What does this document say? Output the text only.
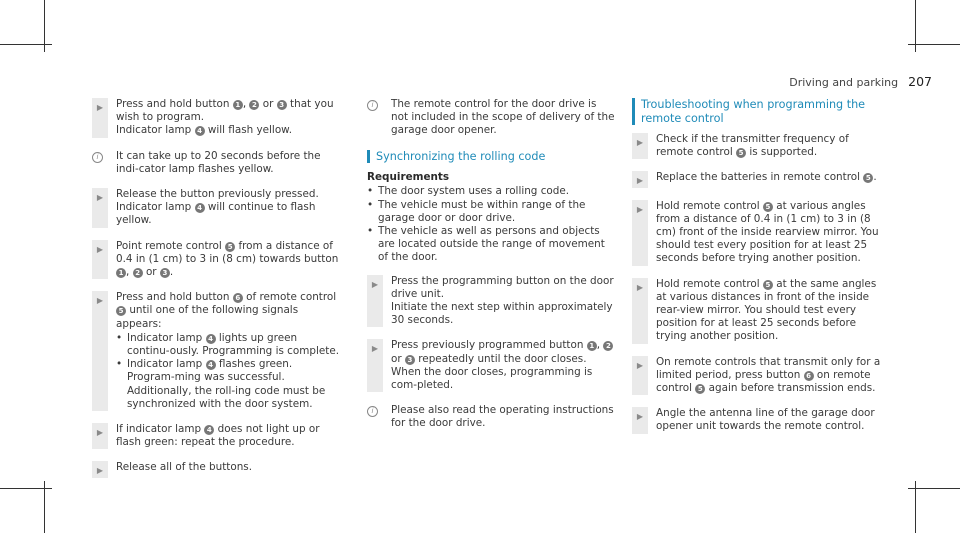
Driving and parking 207
▶	Press and hold button 1 , 2 or 3 that you wish to program.
Indicator lamp 4 will flash yellow.
i	It can take up to 20 seconds before the indi-cator lamp flashes yellow.
▶	Release the button previously pressed.
Indicator lamp 4 will continue to flash yellow.
▶	Point remote control 5 from a distance of 0.4 in (1 cm) to 3 in (8 cm) towards button 1 , 2 or 3 .
▶	Press and hold button 6 of remote control 5 until one of the following signals appears:
• Indicator lamp 4 lights up green continu-ously. Programming is complete.
• Indicator lamp 4 flashes green. Program-ming was successful. Additionally, the roll-ing code must be synchronized with the door system.
▶	If indicator lamp 4 does not light up or flash green: repeat the procedure.
▶	Release all of the buttons.
i	The remote control for the door drive is not included in the scope of delivery of the garage door opener.
Synchronizing the rolling code
Requirements
• The door system uses a rolling code.
• The vehicle must be within range of the garage door or door drive.
• The vehicle as well as persons and objects are located outside the range of movement of the door.
▶	Press the programming button on the door drive unit.
Initiate the next step within approximately 30 seconds.
▶	Press previously programmed button 1 , 2 or 3 repeatedly until the door closes.
When the door closes, programming is com-pleted.
i	Please also read the operating instructions for the door drive.
Troubleshooting when programming the remote control
▶	Check if the transmitter frequency of remote control 5 is supported.
▶	Replace the batteries in remote control 5 .
▶	Hold remote control 5 at various angles from a distance of 0.4 in (1 cm) to 3 in (8 cm) front of the inside rearview mirror. You should test every position for at least 25 seconds before trying another position.
▶	Hold remote control 5 at the same angles at various distances in front of the inside rear-view mirror. You should test every position for at least 25 seconds before trying another position.
▶	On remote controls that transmit only for a limited period, press button 6 on remote control 5 again before transmission ends.
▶	Angle the antenna line of the garage door opener unit towards the remote control.
